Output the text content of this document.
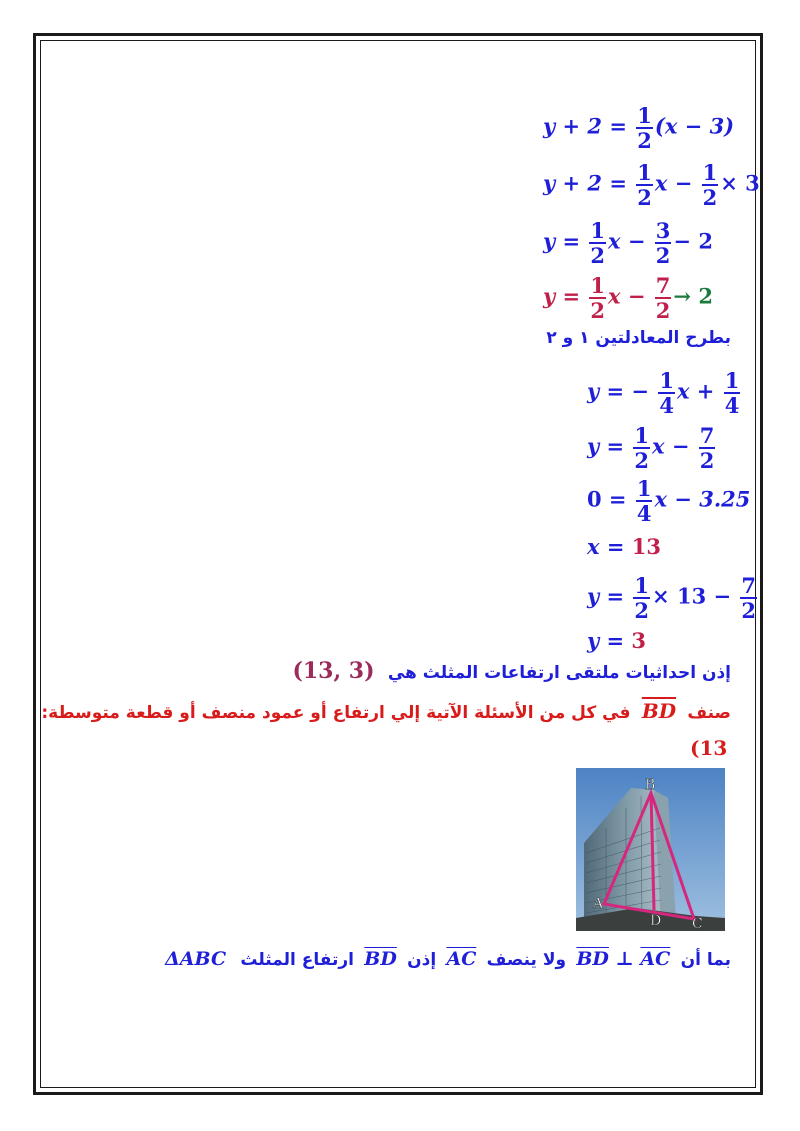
$y + 2 = \frac{1}{2} (x - 3)$
$y + 2 = \frac{1}{2}$ $x - \frac{1}{2} \times 3$
$y = \frac{1}{2}$ $x - \frac{3}{2} - 2$
$y = \frac{1}{2}$ $x - \frac{7}{2} \to 2$
بطرح المعادلتين ١ و ٢
y = − $\frac{1}{4}$ $x + \frac{1}{4}$
$y = \frac{1}{2}$ $x - \frac{7}{2}$
$0 = \frac{1}{4}$ x − 3.25
x = 13
$y = \frac{1}{2} \times 13 - \frac{7}{2}$
y = 3
إذن احداثيات ملتقى ارتفاعات المثلث هي (13, 3)
صنف $\overline{BD}$ في كل من الأسئلة الآتية إلي ارتفاع أو عمود منصف أو قطعة متوسطة:
(13
B
A
D C
بما أن $\overline{BD}$ ⊥ $\overline{AC}$ ولا ينصف $\overline{AC}$ إذن $\overline{BD}$ ارتفاع المثلث ΔABC
